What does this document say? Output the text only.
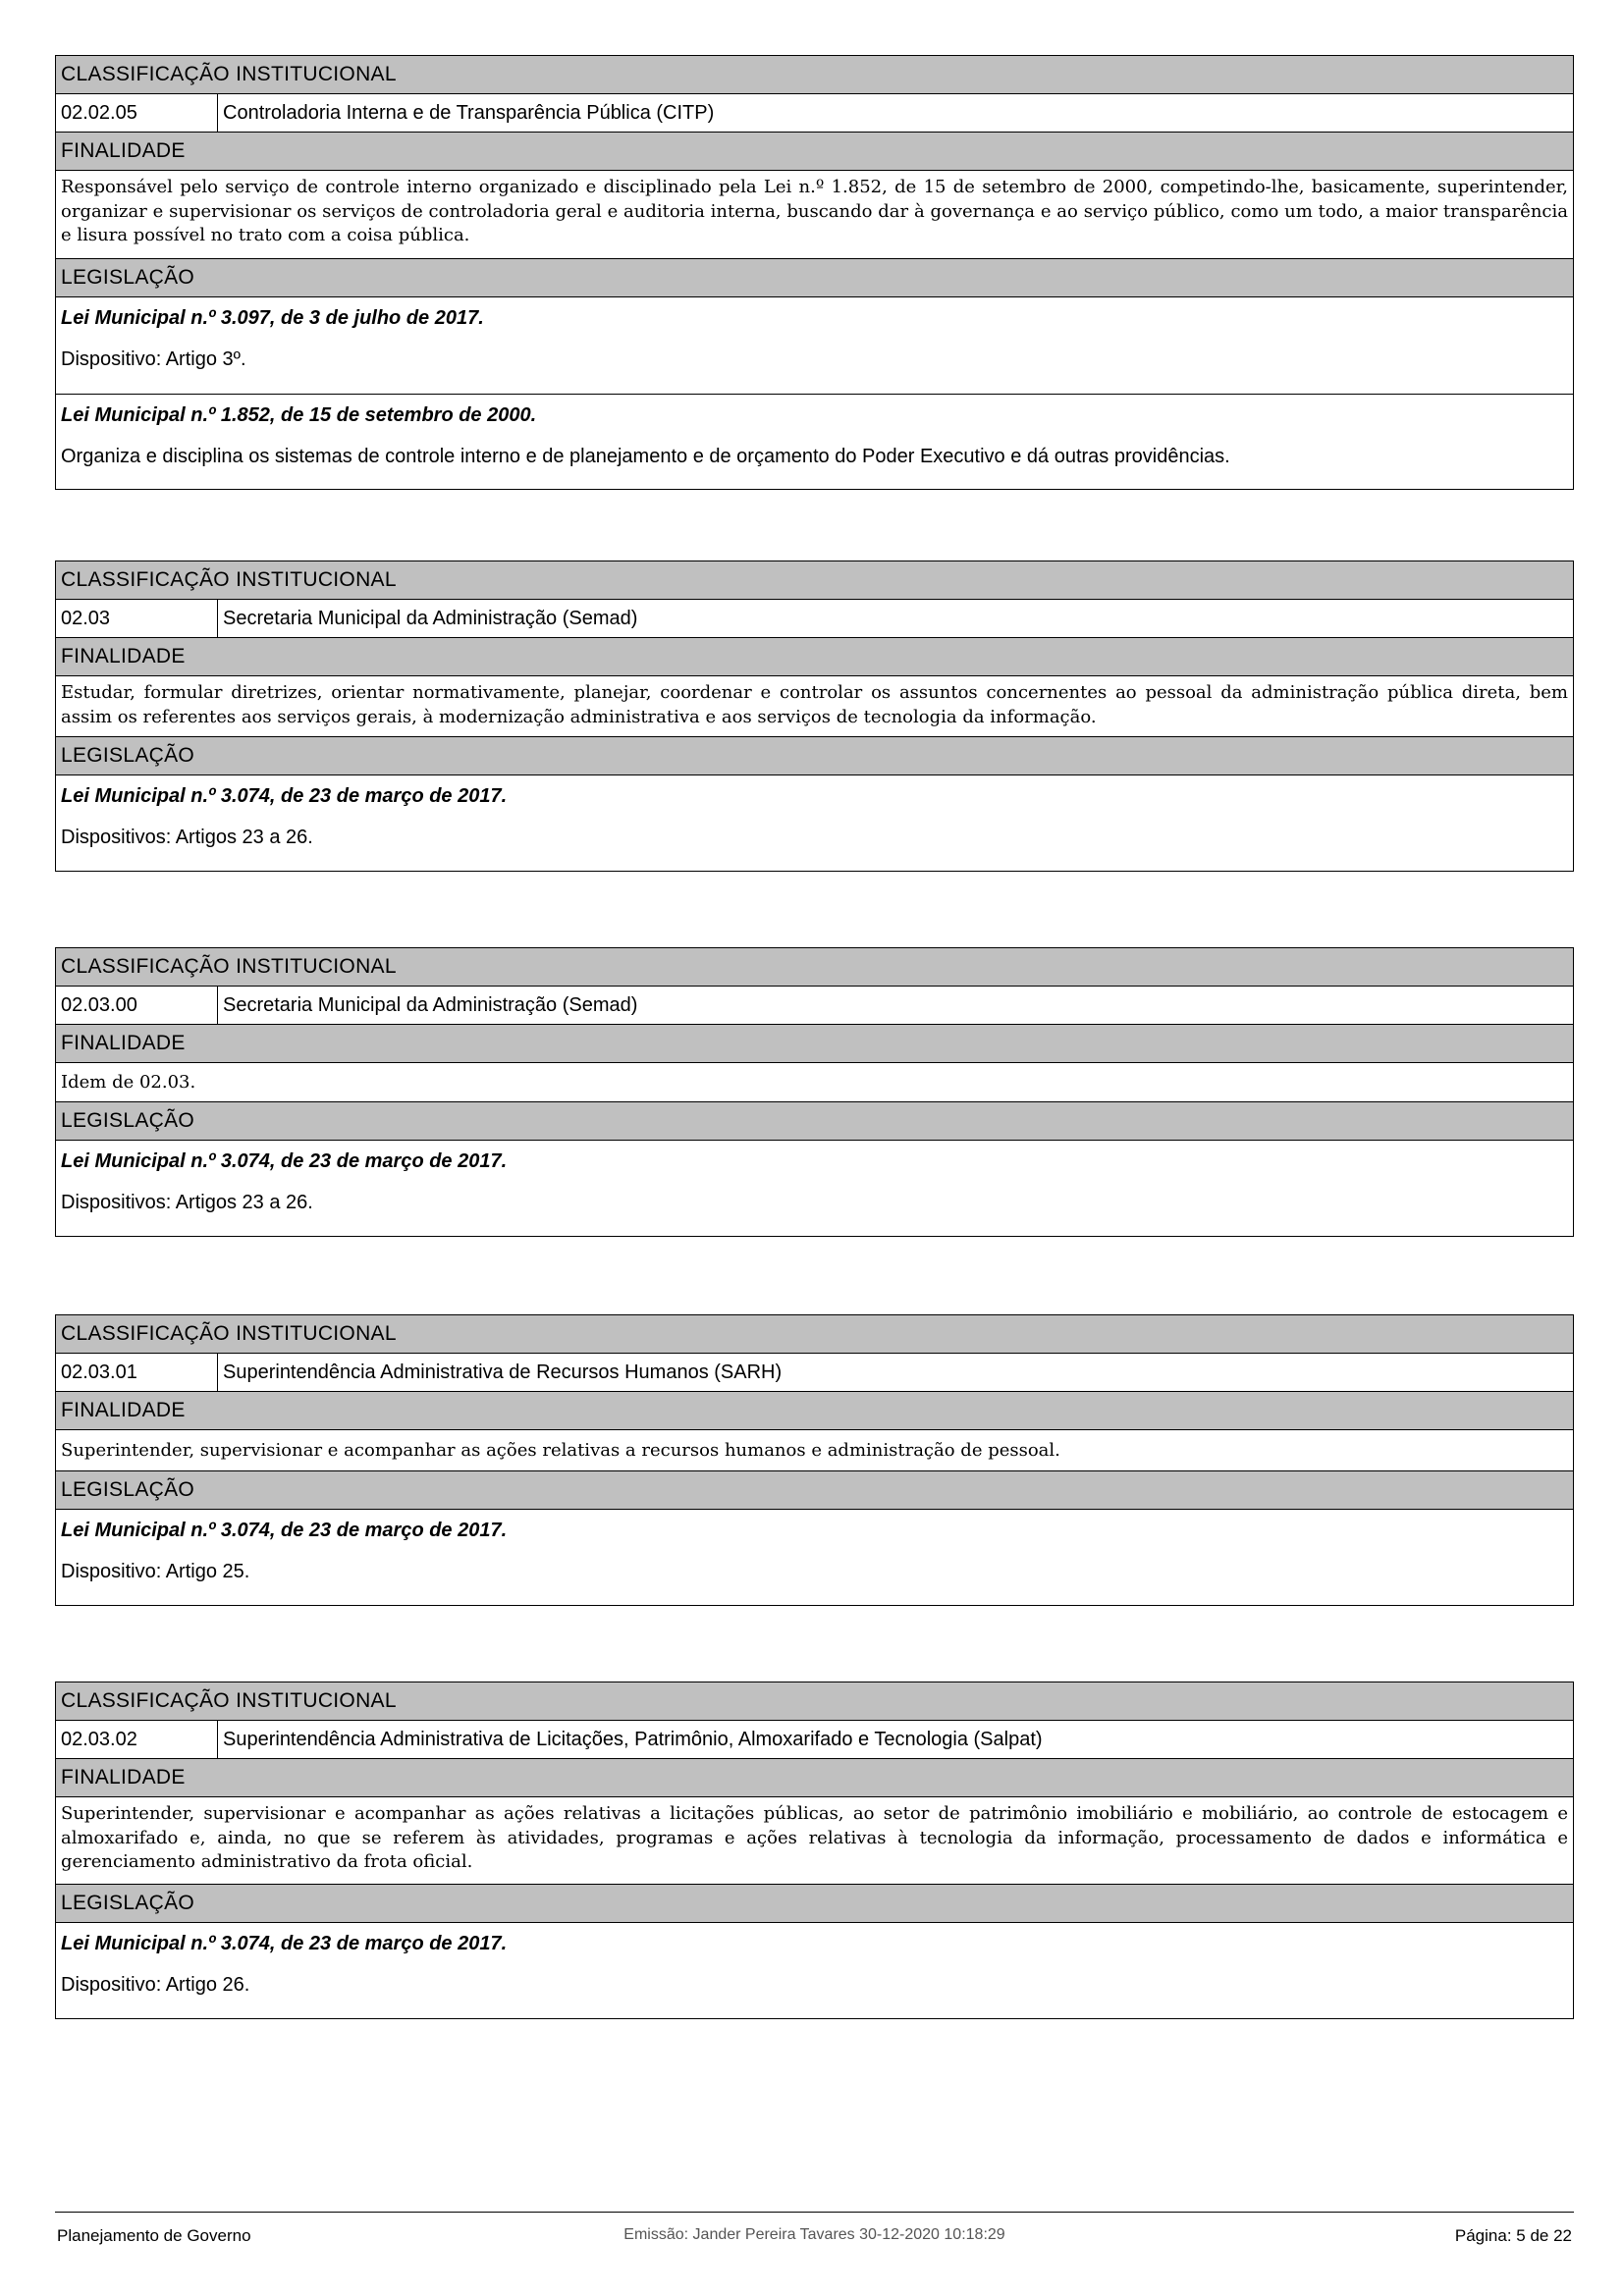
CLASSIFICAÇÃO INSTITUCIONAL
02.02.05	Controladoria Interna e de Transparência Pública (CITP)
FINALIDADE
Responsável pelo serviço de controle interno organizado e disciplinado pela Lei n.º 1.852, de 15 de setembro de 2000, competindo-lhe, basicamente, superintender, organizar e supervisionar os serviços de controladoria geral e auditoria interna, buscando dar à governança e ao serviço público, como um todo, a maior transparência e lisura possível no trato com a coisa pública.
LEGISLAÇÃO
Lei Municipal n.º 3.097, de 3 de julho de 2017.
Dispositivo: Artigo 3º.
Lei Municipal n.º 1.852, de 15 de setembro de 2000.
Organiza e disciplina os sistemas de controle interno e de planejamento e de orçamento do Poder Executivo e dá outras providências.
CLASSIFICAÇÃO INSTITUCIONAL
02.03	Secretaria Municipal da Administração (Semad)
FINALIDADE
Estudar, formular diretrizes, orientar normativamente, planejar, coordenar e controlar os assuntos concernentes ao pessoal da administração pública direta, bem assim os referentes aos serviços gerais, à modernização administrativa e aos serviços de tecnologia da informação.
LEGISLAÇÃO
Lei Municipal n.º 3.074, de 23 de março de 2017.
Dispositivos: Artigos 23 a 26.
CLASSIFICAÇÃO INSTITUCIONAL
02.03.00	Secretaria Municipal da Administração (Semad)
FINALIDADE
Idem de 02.03.
LEGISLAÇÃO
Lei Municipal n.º 3.074, de 23 de março de 2017.
Dispositivos: Artigos 23 a 26.
CLASSIFICAÇÃO INSTITUCIONAL
02.03.01	Superintendência Administrativa de Recursos Humanos (SARH)
FINALIDADE
Superintender, supervisionar e acompanhar as ações relativas a recursos humanos e administração de pessoal.
LEGISLAÇÃO
Lei Municipal n.º 3.074, de 23 de março de 2017.
Dispositivo: Artigo 25.
CLASSIFICAÇÃO INSTITUCIONAL
02.03.02	Superintendência Administrativa de Licitações, Patrimônio, Almoxarifado e Tecnologia (Salpat)
FINALIDADE
Superintender, supervisionar e acompanhar as ações relativas a licitações públicas, ao setor de patrimônio imobiliário e mobiliário, ao controle de estocagem e almoxarifado e, ainda, no que se referem às atividades, programas e ações relativas à tecnologia da informação, processamento de dados e informática e gerenciamento administrativo da frota oficial.
LEGISLAÇÃO
Lei Municipal n.º 3.074, de 23 de março de 2017.
Dispositivo: Artigo 26.
Planejamento de Governo	Emissão: Jander Pereira Tavares 30-12-2020 10:18:29	Página: 5 de 22
